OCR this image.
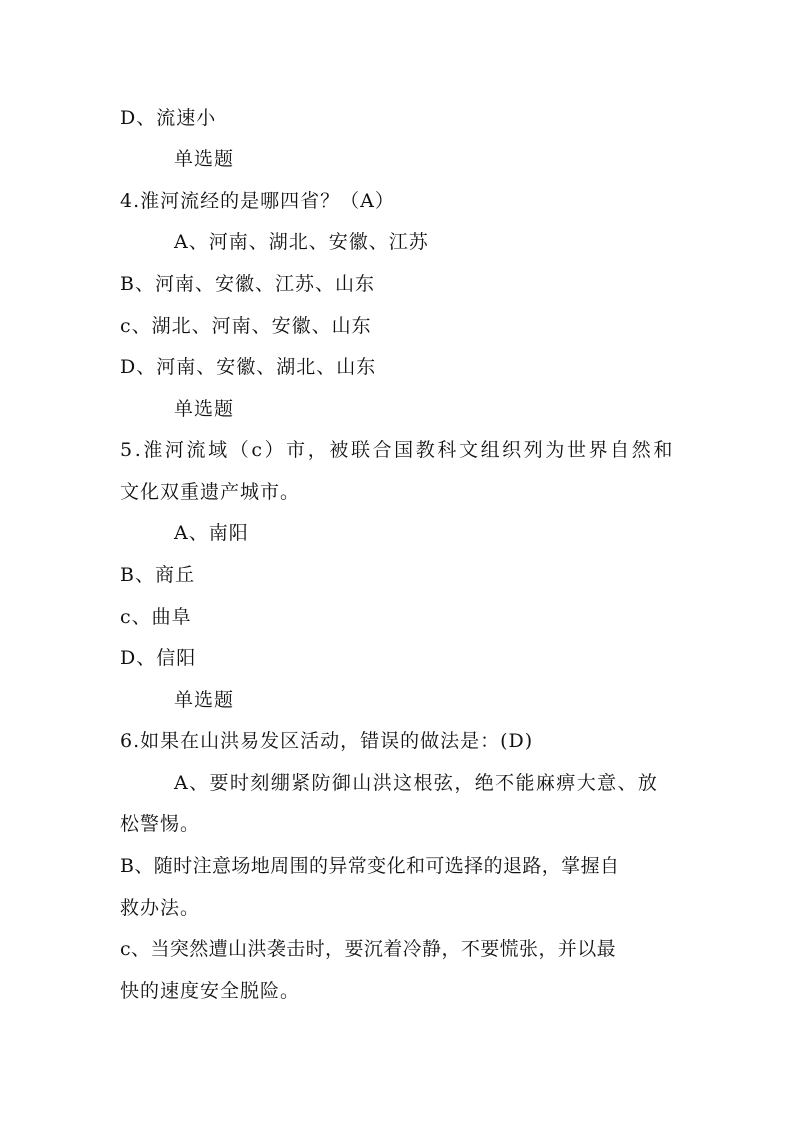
D、流速小
单选题
4.淮河流经的是哪四省？（A）
A、河南、湖北、安徽、江苏
B、河南、安徽、江苏、山东
c、湖北、河南、安徽、山东
D、河南、安徽、湖北、山东
单选题
5.淮河流域（c）市，被联合国教科文组织列为世界自然和
文化双重遗产城市。
A、南阳
B、商丘
c、曲阜
D、信阳
单选题
6.如果在山洪易发区活动，错误的做法是：(D)
A、要时刻绷紧防御山洪这根弦，绝不能麻痹大意、放
松警惕。
B、随时注意场地周围的异常变化和可选择的退路，掌握自
救办法。
c、当突然遭山洪袭击时，要沉着冷静，不要慌张，并以最
快的速度安全脱险。
